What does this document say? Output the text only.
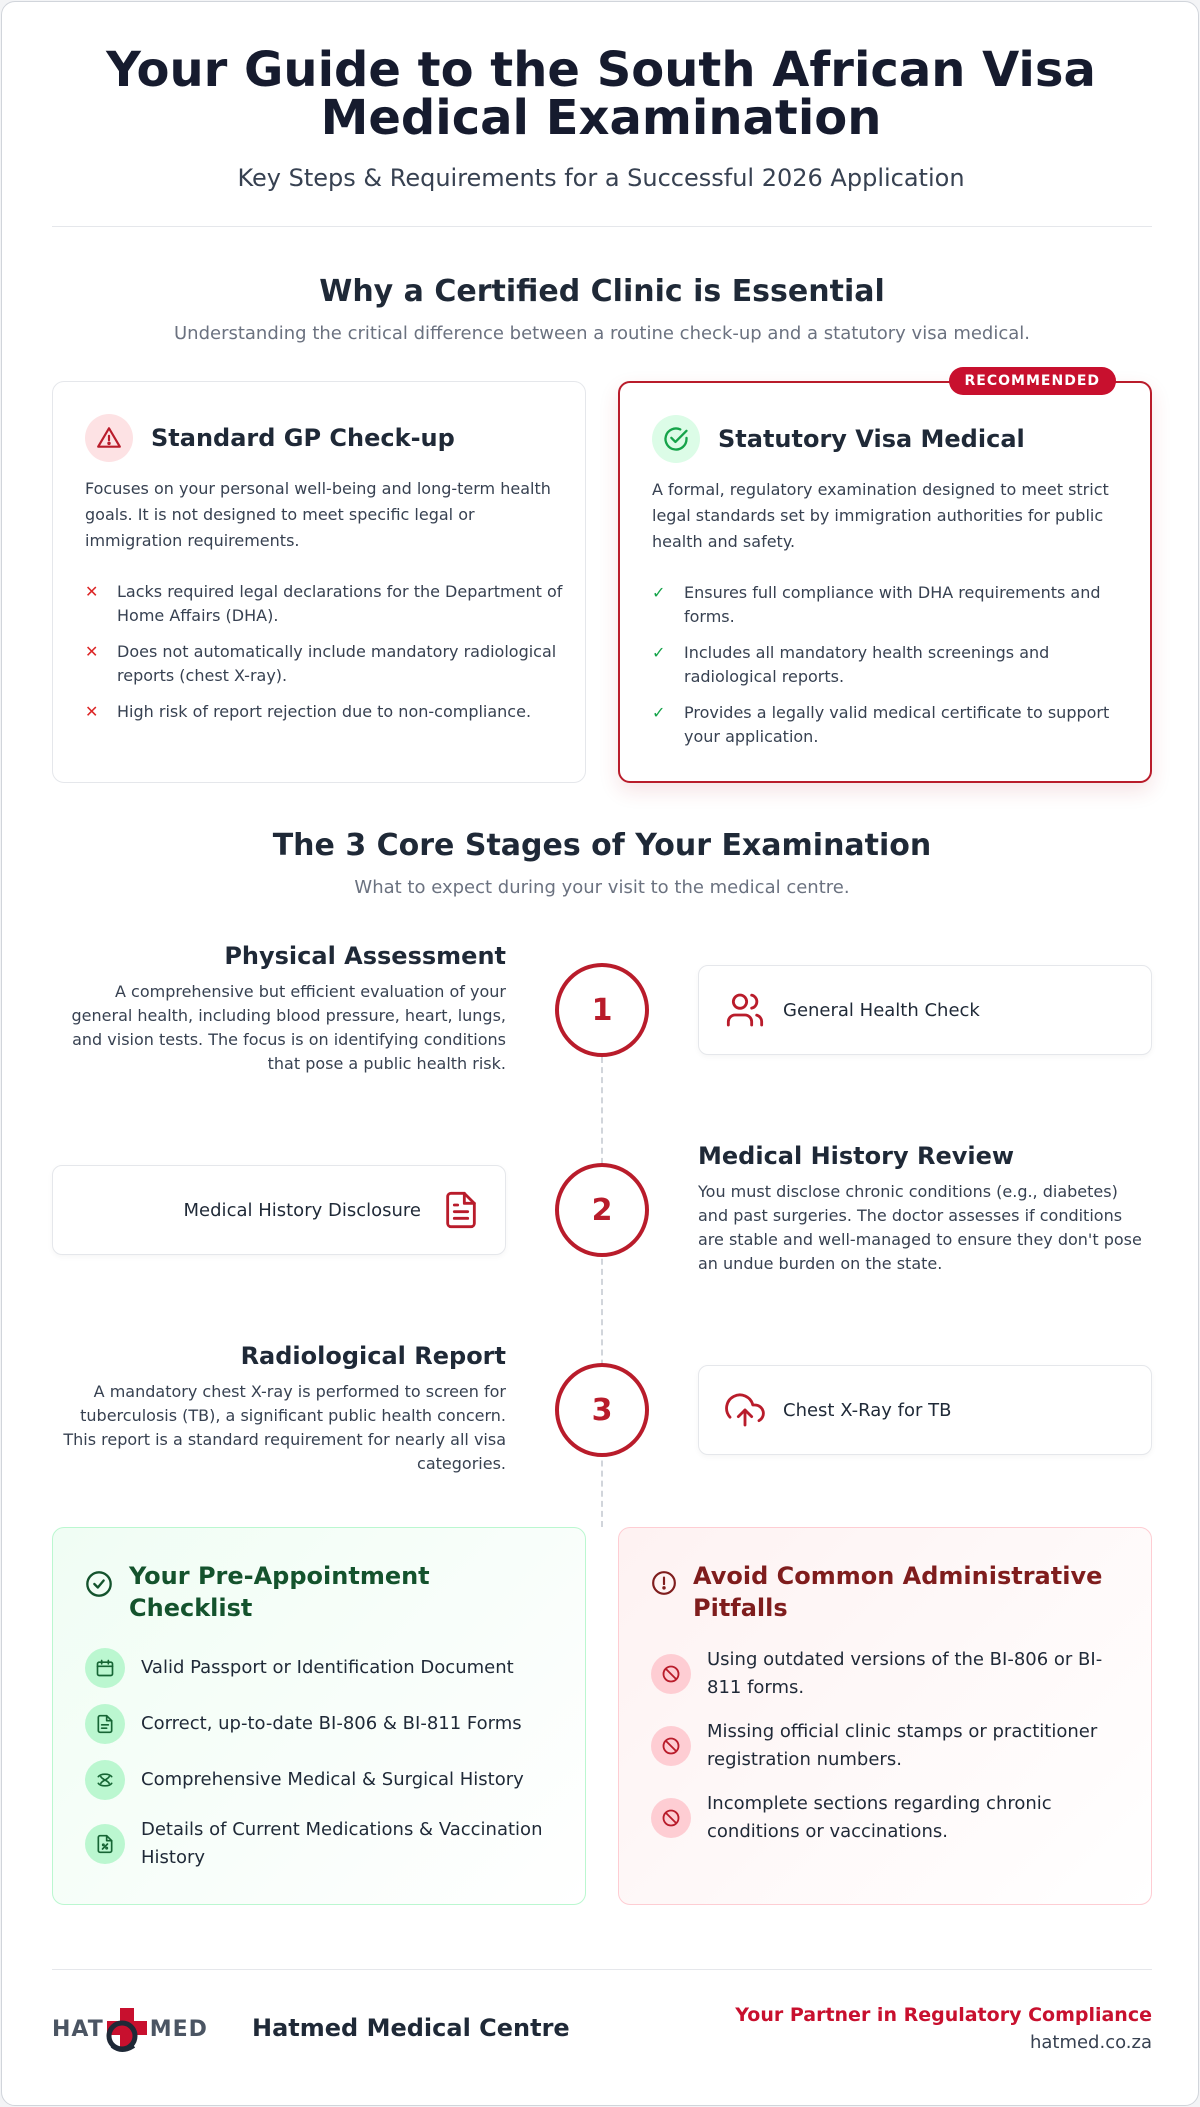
Your Guide to the South African Visa Medical Examination
Key Steps & Requirements for a Successful 2026 Application
Why a Certified Clinic is Essential
Understanding the critical difference between a routine check-up and a statutory visa medical.
Standard GP Check-up
Focuses on your personal well-being and long-term health goals. It is not designed to meet specific legal or immigration requirements.
✕	Lacks required legal declarations for the Department of Home Affairs (DHA).
✕	Does not automatically include mandatory radiological reports (chest X-ray).
✕	High risk of report rejection due to non-compliance.
RECOMMENDED
Statutory Visa Medical
A formal, regulatory examination designed to meet strict legal standards set by immigration authorities for public health and safety.
✓	Ensures full compliance with DHA requirements and forms.
✓	Includes all mandatory health screenings and radiological reports.
✓	Provides a legally valid medical certificate to support your application.
The 3 Core Stages of Your Examination
What to expect during your visit to the medical centre.
Physical Assessment
A comprehensive but efficient evaluation of your general health, including blood pressure, heart, lungs, and vision tests. The focus is on identifying conditions that pose a public health risk.
1	General Health Check
Medical History Disclosure	2
Medical History Review
You must disclose chronic conditions (e.g., diabetes) and past surgeries. The doctor assesses if conditions are stable and well-managed to ensure they don't pose an undue burden on the state.
Radiological Report
A mandatory chest X-ray is performed to screen for tuberculosis (TB), a significant public health concern. This report is a standard requirement for nearly all visa categories.
3	Chest X-Ray for TB
Your Pre-Appointment Checklist
Valid Passport or Identification Document
Correct, up-to-date BI-806 & BI-811 Forms
Comprehensive Medical & Surgical History
Details of Current Medications & Vaccination History
Avoid Common Administrative Pitfalls
Using outdated versions of the BI-806 or BI-811 forms.
Missing official clinic stamps or practitioner registration numbers.
Incomplete sections regarding chronic conditions or vaccinations.
HAT MED Hatmed Medical Centre	Your Partner in Regulatory Compliance
hatmed.co.za
